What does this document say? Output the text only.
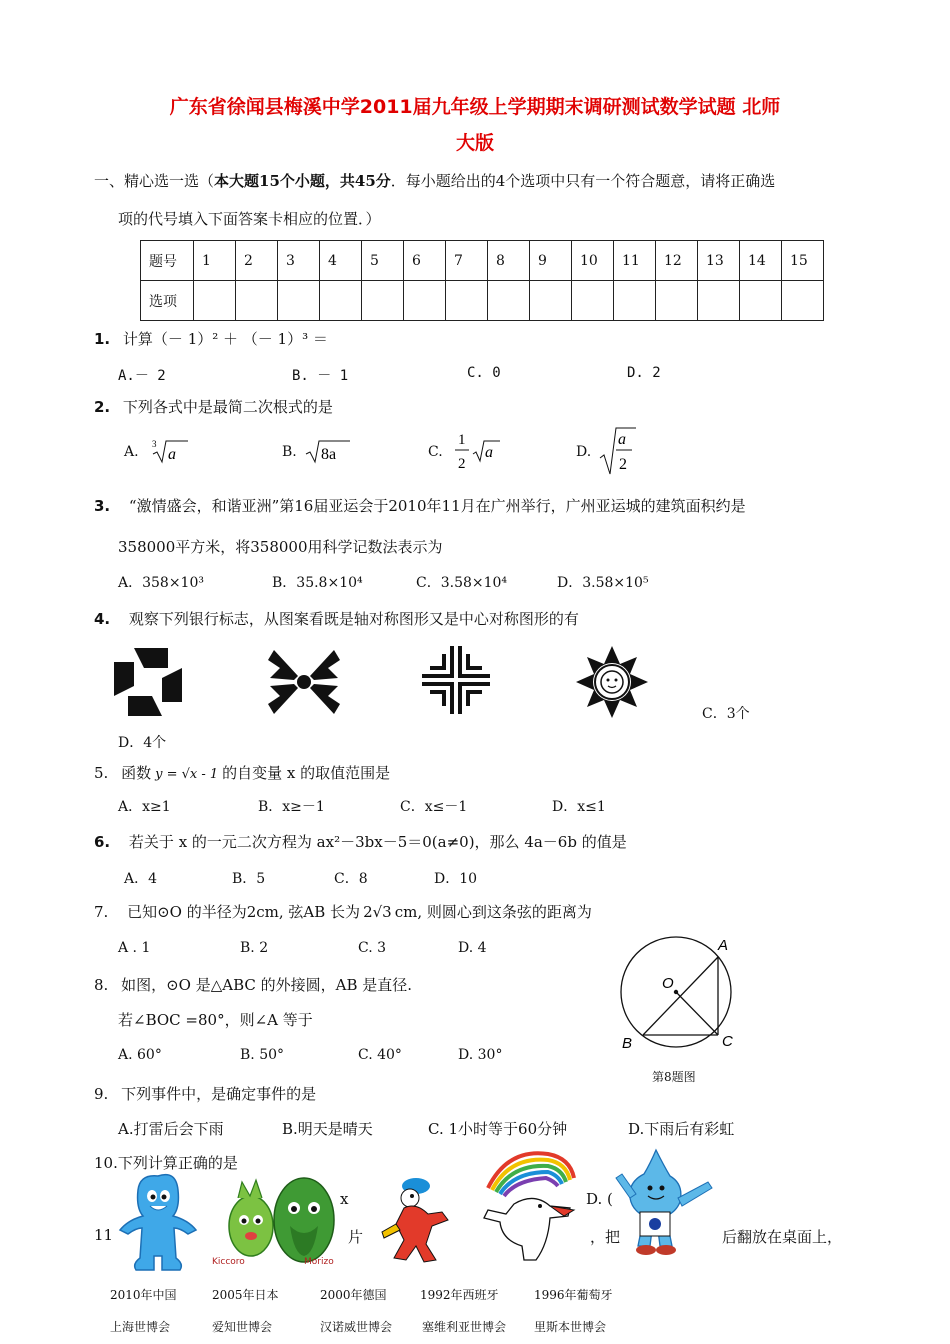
广东省徐闻县梅溪中学2011届九年级上学期期末调研测试数学试题 北师
大版
一、精心选一选（本大题15个小题，共45分．每小题给出的4个选项中只有一个符合题意，请将正确选
项的代号填入下面答案卡相应的位置．）
题号	1	2	3	4	5	6	7	8	9	10	11	12	13	14	15
选项															
1. 计算（－ 1）² ＋ （－ 1）³ ＝
A.－ 2	B. － 1	C. 0	D. 2
2. 下列各式中是最简二次根式的是
A. 3
a	B. 8a	C.
1
2
a	D.
a
2
3. “激情盛会，和谐亚洲”第16届亚运会于2010年11月在广州举行，广州亚运城的建筑面积约是
358000平方米，将358000用科学记数法表示为
A．358×10³	B．35.8×10⁴	C．3.58×10⁴	D．3.58×10⁵
4. 观察下列银行标志，从图案看既是轴对称图形又是中心对称图形的有
C．3个
D．4个
5. 函数 y = √x - 1 的自变量 x 的取值范围是
A．x≥1	B．x≥－1	C．x≤－1	D．x≤1
6. 若关于 x 的一元二次方程为 ax²－3bx－5＝0(a≠0)，那么 4a－6b 的值是
A．4	B．5	C．8	D．10
7. 已知⊙O 的半径为2cm, 弦AB 长为 2√3 cm, 则圆心到这条弦的距离为
A . 1	B. 2	C. 3	D. 4
8. 如图，⊙O 是△ABC 的外接圆，AB 是直径.
若∠BOC =80°，则∠A 等于
A. 60°	B. 50°	C. 40°	D. 30°
A
B	C
O
第8题图
9. 下列事件中，是确定事件的是
A.打雷后会下雨	B.明天是晴天	C. 1小时等于60分钟	D.下雨后有彩虹
10.下列计算正确的是
x	D. (
11	片	，把	后翻放在桌面上，
Kiccoro	Morizo
2010年中国	2005年日本	2000年德国	1992年西班牙	1996年葡萄牙
上海世博会	爱知世博会	汉诺威世博会 塞维利亚世博会 里斯本世博会
